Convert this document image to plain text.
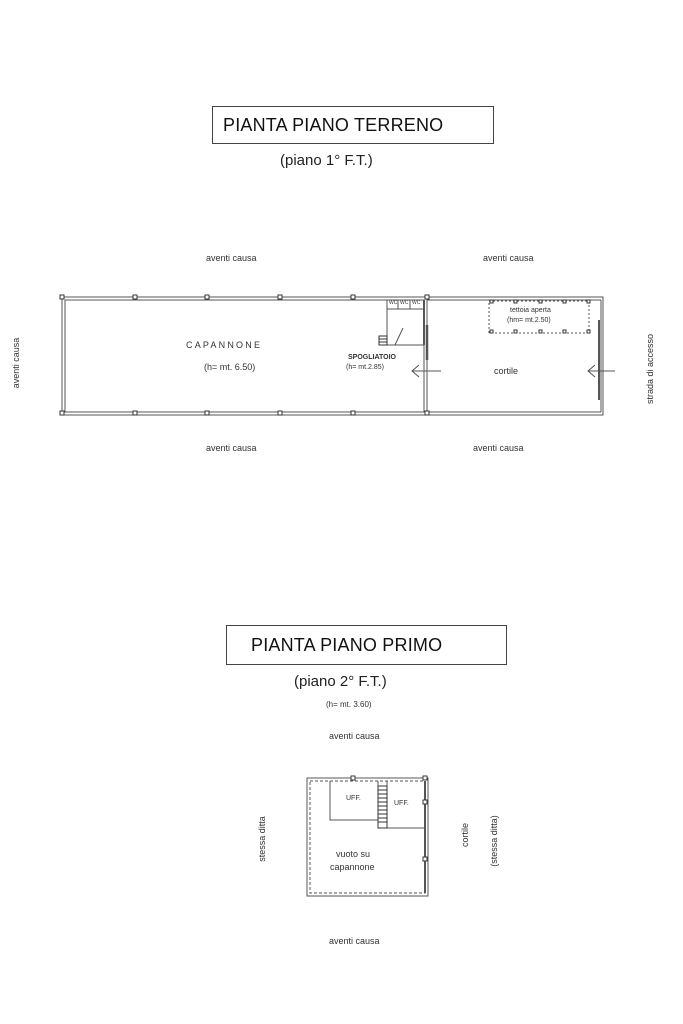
PIANTA PIANO TERRENO
(piano 1° F.T.)
aventi causa	aventi causa
aventi causa	aventi causa
aventi causa	strada di accesso
WC WC WC
CAPANNONE
(h= mt. 6.50)
SPOGLIATOIO
(h= mt.2.85)
tettoia aperta
(hm= mt.2.50)
cortile
PIANTA PIANO PRIMO
(piano 2° F.T.)
(h= mt. 3.60)
aventi causa
aventi causa
stessa ditta	cortile (stessa ditta)
UFF.
UFF.
vuoto su
capannone
